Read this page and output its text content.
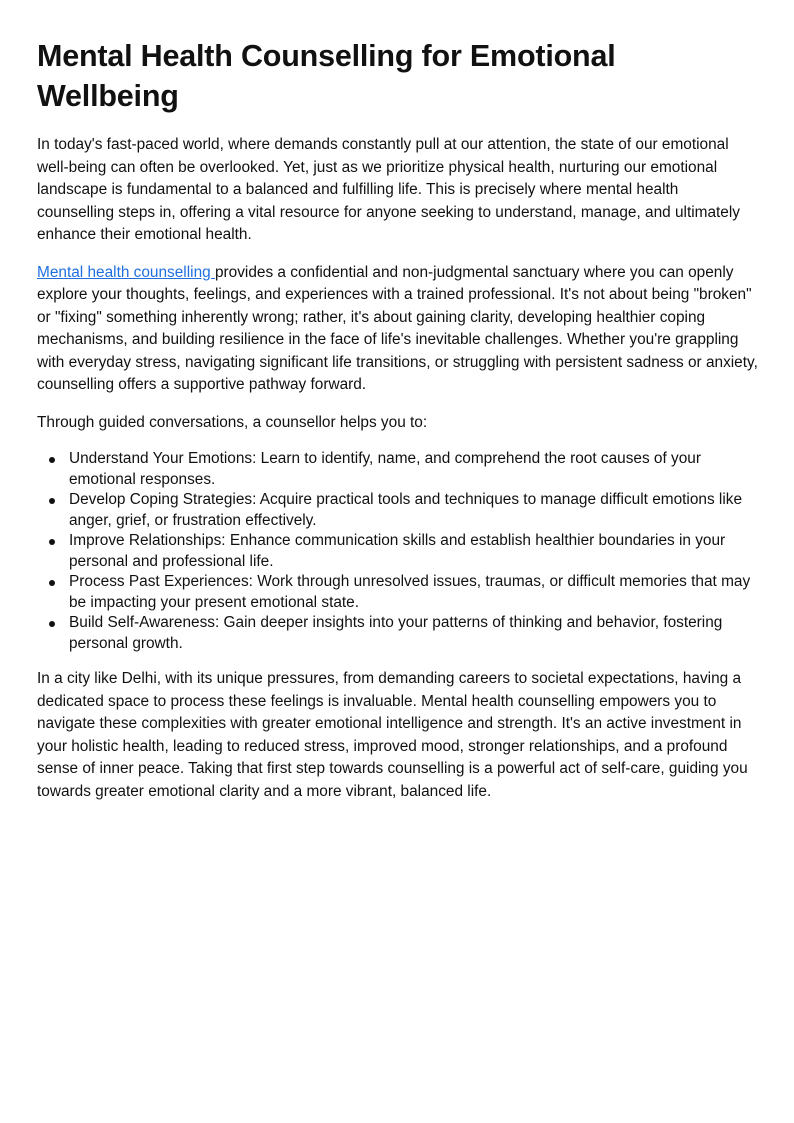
Mental Health Counselling for Emotional Wellbeing

In today's fast-paced world, where demands constantly pull at our attention, the state of our emotional well-being can often be overlooked. Yet, just as we prioritize physical health, nurturing our emotional landscape is fundamental to a balanced and fulfilling life. This is precisely where mental health counselling steps in, offering a vital resource for anyone seeking to understand, manage, and ultimately enhance their emotional health.

Mental health counselling provides a confidential and non-judgmental sanctuary where you can openly explore your thoughts, feelings, and experiences with a trained professional. It's not about being "broken" or "fixing" something inherently wrong; rather, it's about gaining clarity, developing healthier coping mechanisms, and building resilience in the face of life's inevitable challenges. Whether you're grappling with everyday stress, navigating significant life transitions, or struggling with persistent sadness or anxiety, counselling offers a supportive pathway forward.

Through guided conversations, a counsellor helps you to:

Understand Your Emotions: Learn to identify, name, and comprehend the root causes of your emotional responses.
Develop Coping Strategies: Acquire practical tools and techniques to manage difficult emotions like anger, grief, or frustration effectively.
Improve Relationships: Enhance communication skills and establish healthier boundaries in your personal and professional life.
Process Past Experiences: Work through unresolved issues, traumas, or difficult memories that may be impacting your present emotional state.
Build Self-Awareness: Gain deeper insights into your patterns of thinking and behavior, fostering personal growth.

In a city like Delhi, with its unique pressures, from demanding careers to societal expectations, having a dedicated space to process these feelings is invaluable. Mental health counselling empowers you to navigate these complexities with greater emotional intelligence and strength. It's an active investment in your holistic health, leading to reduced stress, improved mood, stronger relationships, and a profound sense of inner peace. Taking that first step towards counselling is a powerful act of self-care, guiding you towards greater emotional clarity and a more vibrant, balanced life.
